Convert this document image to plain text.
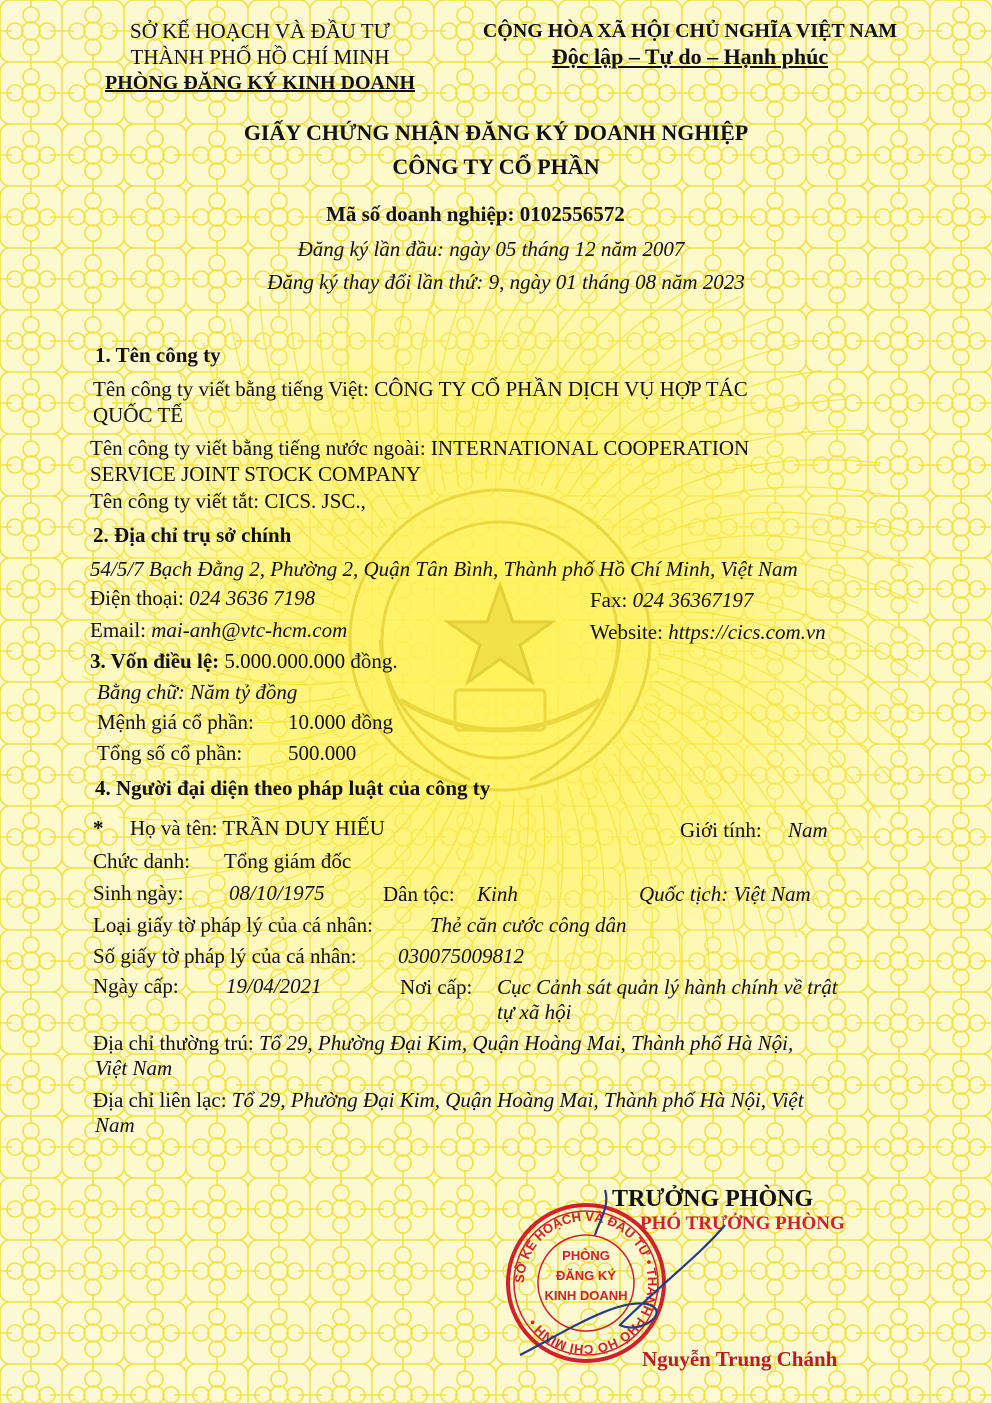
SỞ KẾ HOẠCH VÀ ĐẦU TƯ
THÀNH PHỐ HỒ CHÍ MINH
PHÒNG ĐĂNG KÝ KINH DOANH
CỘNG HÒA XÃ HỘI CHỦ NGHĨA VIỆT NAM
Độc lập – Tự do – Hạnh phúc
GIẤY CHỨNG NHẬN ĐĂNG KÝ DOANH NGHIỆP
CÔNG TY CỔ PHẦN
Mã số doanh nghiệp: 0102556572
Đăng ký lần đầu: ngày 05 tháng 12 năm 2007
Đăng ký thay đổi lần thứ: 9, ngày 01 tháng 08 năm 2023
1. Tên công ty
Tên công ty viết bằng tiếng Việt: CÔNG TY CỔ PHẦN DỊCH VỤ HỢP TÁC
QUỐC TẾ
Tên công ty viết bằng tiếng nước ngoài: INTERNATIONAL COOPERATION
SERVICE JOINT STOCK COMPANY
Tên công ty viết tắt: CICS. JSC.,
2. Địa chỉ trụ sở chính
54/5/7 Bạch Đằng 2, Phường 2, Quận Tân Bình, Thành phố Hồ Chí Minh, Việt Nam
Điện thoại: 024 3636 7198	Fax: 024 36367197
Email: mai-anh@vtc-hcm.com	Website: https://cics.com.vn
3. Vốn điều lệ: 5.000.000.000 đồng.
Bằng chữ: Năm tỷ đồng
Mệnh giá cổ phần: 10.000 đồng
Tổng số cổ phần: 500.000
4. Người đại diện theo pháp luật của công ty
* Họ và tên: TRẦN DUY HIẾU	Giới tính: Nam
Chức danh: Tổng giám đốc
Sinh ngày: 08/10/1975	Dân tộc: Kinh	Quốc tịch: Việt Nam
Loại giấy tờ pháp lý của cá nhân:	Thẻ căn cước công dân
Số giấy tờ pháp lý của cá nhân: 030075009812
Ngày cấp: 19/04/2021	Nơi cấp: Cục Cảnh sát quản lý hành chính về trật
tự xã hội
Địa chỉ thường trú: Tổ 29, Phường Đại Kim, Quận Hoàng Mai, Thành phố Hà Nội,
Việt Nam
Địa chỉ liên lạc: Tổ 29, Phường Đại Kim, Quận Hoàng Mai, Thành phố Hà Nội, Việt
Nam
TRƯỞNG PHÒNG
PHÓ TRƯỞNG PHÒNG
SỞ KẾ HOẠCH VÀ ĐẦU TƯ • THÀNH PHỐ HỒ CHÍ MINH •
PHÒNG
ĐĂNG KÝ
KINH DOANH
Nguyễn Trung Chánh
